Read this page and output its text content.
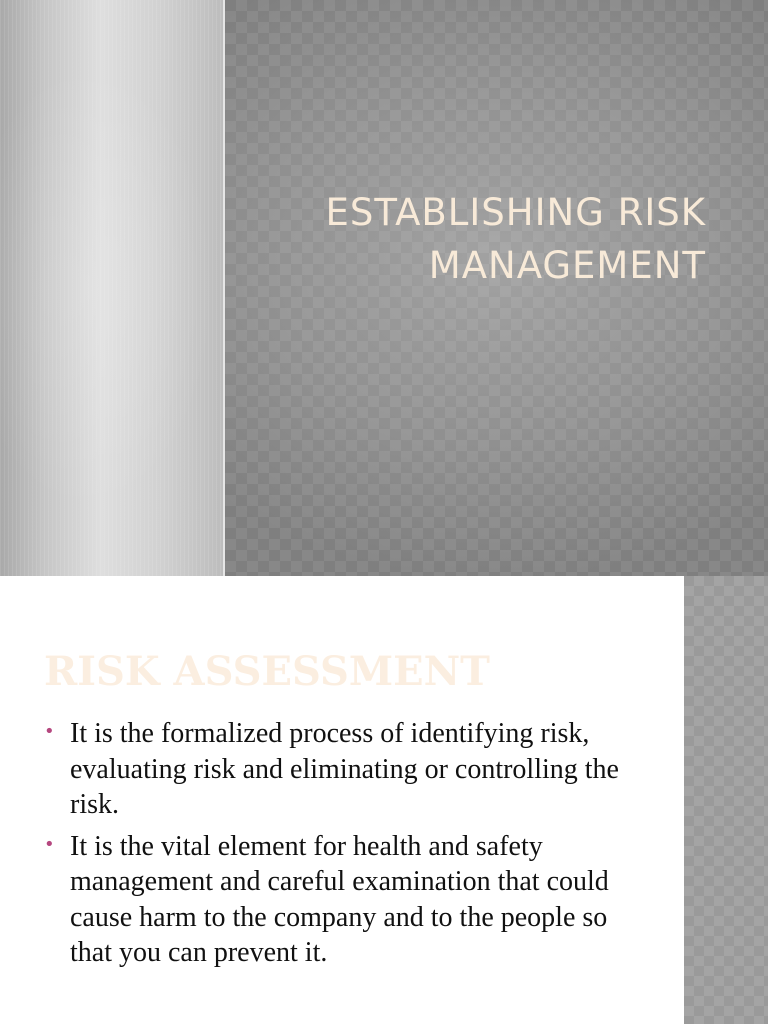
ESTABLISHING RISK MANAGEMENT
RISK ASSESSMENT
• It is the formalized process of identifying risk, evaluating risk and eliminating or controlling the risk.
• It is the vital element for health and safety management and careful examination that could cause harm to the company and to the people so that you can prevent it.
